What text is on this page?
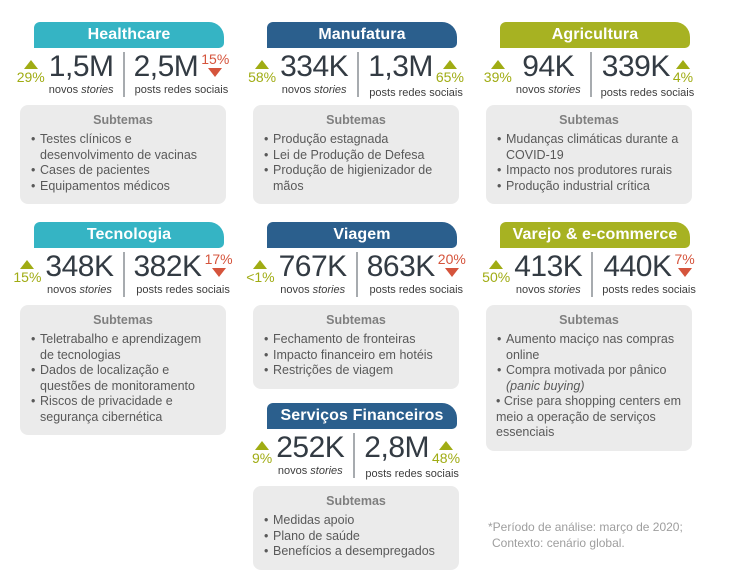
*Período de análise: março de 2020;
Contexto: cenário global.
Healthcare
29% 1,5M
novos stories
2,5M 15%
posts redes sociais
Subtemas
• Testes clínicos e desenvolvimento de vacinas
• Cases de pacientes
• Equipamentos médicos
Manufatura
58% 334K
novos stories
1,3M 65%
posts redes sociais
Subtemas
• Produção estagnada
• Lei de Produção de Defesa
• Produção de higienizador de mãos
Agricultura
39% 94K
novos stories
339K 4%
posts redes sociais
Subtemas
• Mudanças climáticas durante a COVID-19
• Impacto nos produtores rurais
• Produção industrial crítica
Tecnologia
15% 348K
novos stories
382K 17%
posts redes sociais
Subtemas
• Teletrabalho e aprendizagem de tecnologias
• Dados de localização e questões de monitoramento
• Riscos de privacidade e segurança cibernética
Viagem
<1% 767K
novos stories
863K 20%
posts redes sociais
Subtemas
• Fechamento de fronteiras
• Impacto financeiro em hotéis
• Restrições de viagem
Varejo & e-commerce
50% 413K
novos stories
440K 7%
posts redes sociais
Subtemas
• Aumento maciço nas compras online
• Compra motivada por pânico (panic buying)
• Crise para shopping centers em meio a operação de serviços essenciais
Serviços Financeiros
9% 252K
novos stories
2,8M 48%
posts redes sociais
Subtemas
• Medidas apoio
• Plano de saúde
• Benefícios a desempregados
